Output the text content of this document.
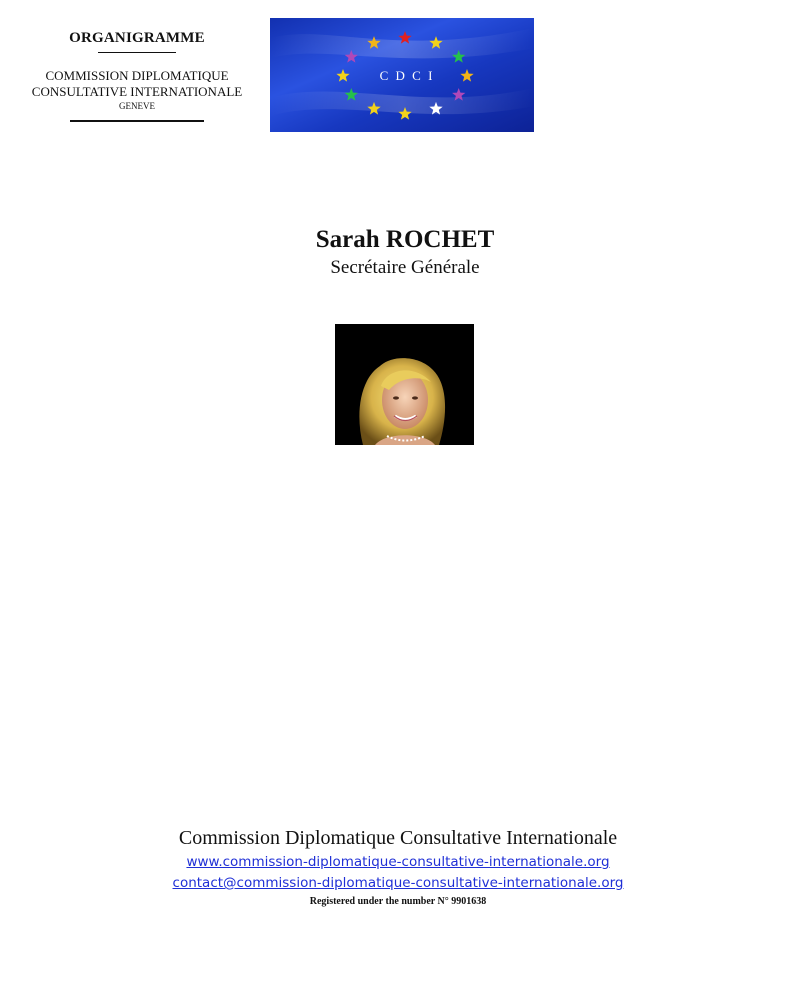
ORGANIGRAMME
COMMISSION DIPLOMATIQUE
CONSULTATIVE INTERNATIONALE
GENEVE
C D C I
Sarah ROCHET
Secrétaire Générale
Commission Diplomatique Consultative Internationale
www.commission-diplomatique-consultative-internationale.org
contact@commission-diplomatique-consultative-internationale.org
Registered under the number N° 9901638
